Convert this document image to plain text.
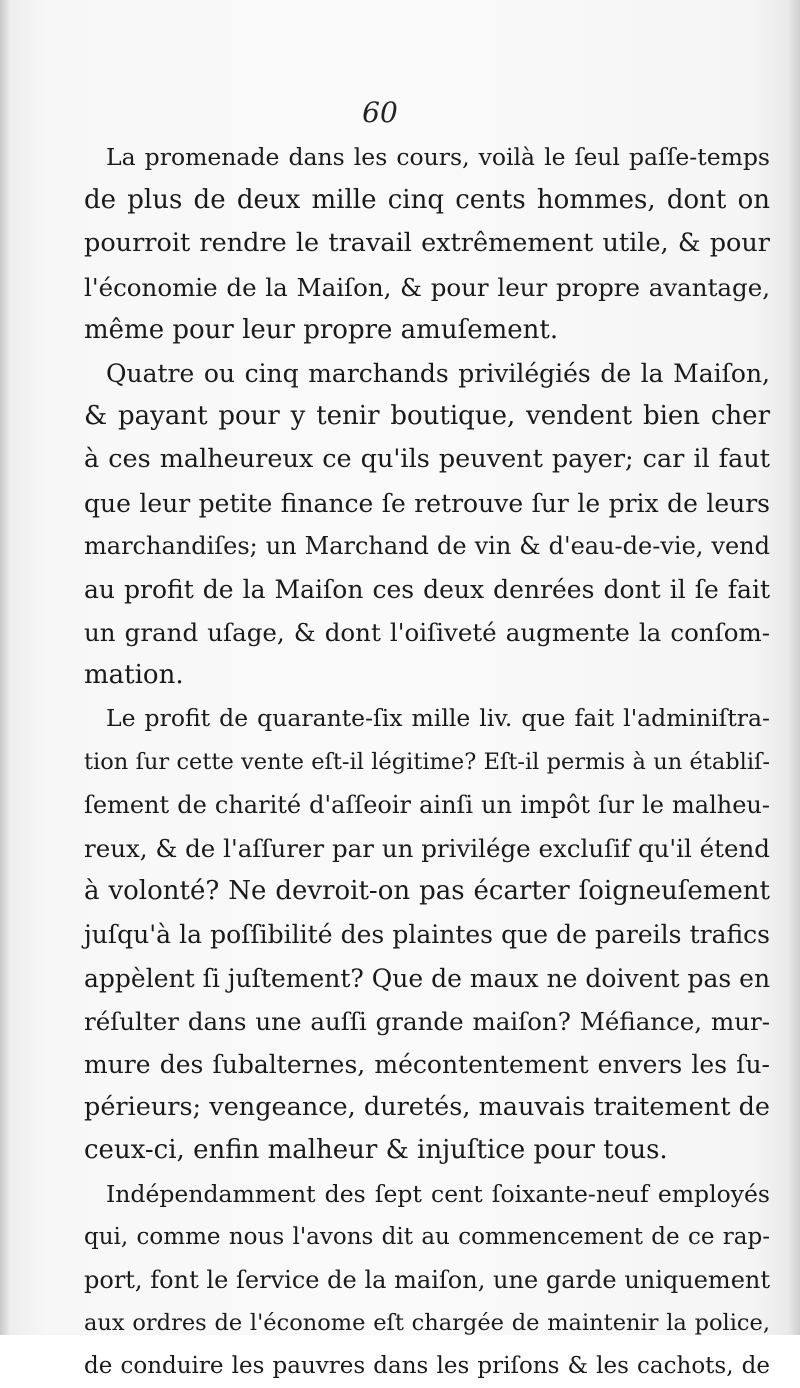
60
La promenade dans les cours, voilà le ſeul paſſe-temps
de plus de deux mille cinq cents hommes, dont on
pourroit rendre le travail extrêmement utile, & pour
l'économie de la Maiſon, & pour leur propre avantage,
même pour leur propre amuſement.
Quatre ou cinq marchands privilégiés de la Maiſon,
& payant pour y tenir boutique, vendent bien cher
à ces malheureux ce qu'ils peuvent payer; car il faut
que leur petite finance ſe retrouve ſur le prix de leurs
marchandiſes; un Marchand de vin & d'eau-de-vie, vend
au profit de la Maiſon ces deux denrées dont il ſe fait
un grand uſage, & dont l'oiſiveté augmente la conſom-
mation.
Le profit de quarante-ſix mille liv. que fait l'adminiſtra-
tion ſur cette vente eſt-il légitime? Eſt-il permis à un établiſ-
ſement de charité d'aſſeoir ainſi un impôt ſur le malheu-
reux, & de l'aſſurer par un privilége excluſif qu'il étend
à volonté? Ne devroit-on pas écarter ſoigneuſement
juſqu'à la poſſibilité des plaintes que de pareils trafics
appèlent ſi juſtement? Que de maux ne doivent pas en
réſulter dans une auſſi grande maiſon? Méfiance, mur-
mure des ſubalternes, mécontentement envers les ſu-
périeurs; vengeance, duretés, mauvais traitement de
ceux-ci, enfin malheur & injuſtice pour tous.
Indépendamment des ſept cent ſoixante-neuf employés
qui, comme nous l'avons dit au commencement de ce rap-
port, font le ſervice de la maiſon, une garde uniquement
aux ordres de l'économe eſt chargée de maintenir la police,
de conduire les pauvres dans les priſons & les cachots, de
